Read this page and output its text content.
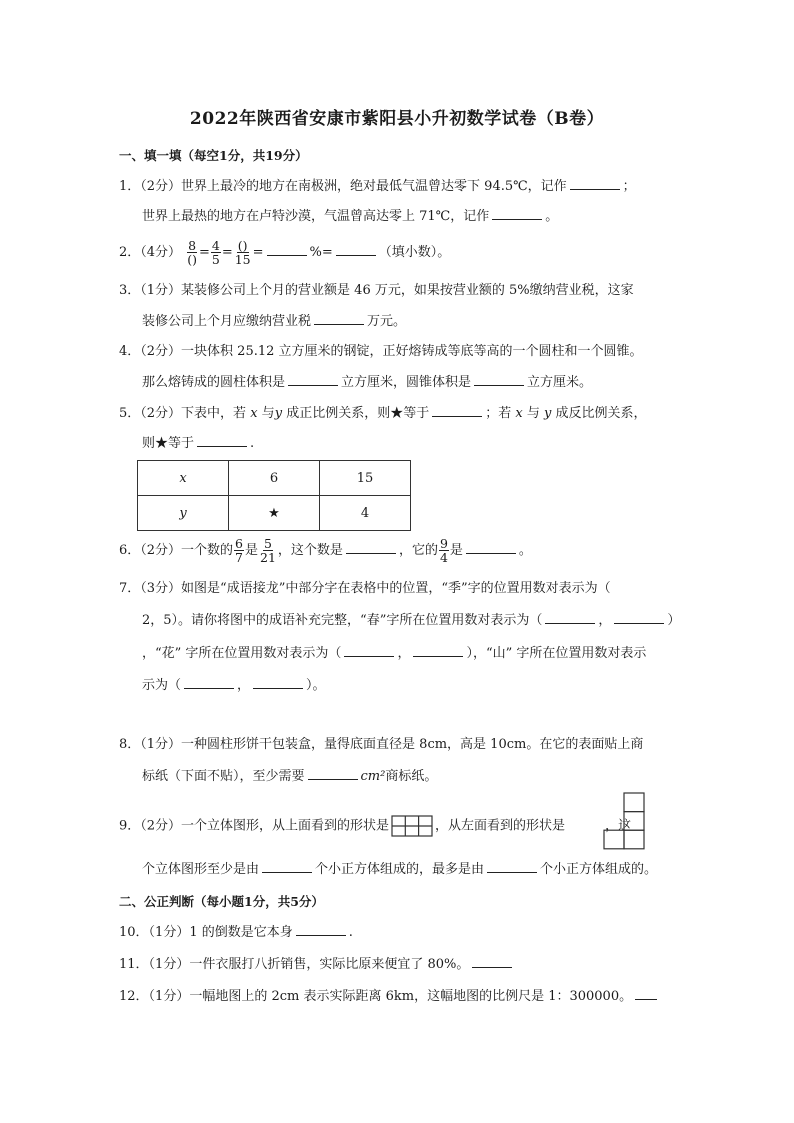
2022年陕西省安康市紫阳县小升初数学试卷（B卷）
一、填一填（每空1分，共19分）
1．（2分）世界上最冷的地方在南极洲，绝对最低气温曾达零下 94.5℃，记作	；
世界上最热的地方在卢特沙漠，气温曾高达零上 71℃，记作	。
2．（4分） $\frac{8}{()} = \frac{4}{5} = \frac{()}{15}$ =	%=	（填小数）。
3．（1分）某装修公司上个月的营业额是 46 万元，如果按营业额的 5%缴纳营业税，这家
装修公司上个月应缴纳营业税	万元。
4．（2分）一块体积 25.12 立方厘米的钢锭，正好熔铸成等底等高的一个圆柱和一个圆锥。
那么熔铸成的圆柱体积是	立方厘米，圆锥体积是	立方厘米。
5．（2分）下表中，若 x 与y 成正比例关系，则★等于	；若 x 与 y 成反比例关系，
则★等于	.
x	6	15
y	★	4
6．（2分）一个数的 $\frac{6}{7}$ 是 $\frac{5}{21}$ ，这个数是	，它的 $\frac{9}{4}$ 是	。
7．（3分）如图是“成语接龙”中部分字在表格中的位置，“季”字的位置用数对表示为（
2，5）。请你将图中的成语补充完整，“春”字所在位置用数对表示为（	，	）
，“花” 字所在位置用数对表示为（	，	），“山” 字所在位置用数对表示
示为（	，	）。
8．（1分）一种圆柱形饼干包装盒，量得底面直径是 8cm，高是 10cm。在它的表面贴上商
标纸（下面不贴），至少需要	cm²商标纸。
9．（2分）一个立体图形，从上面看到的形状是	，从左面看到的形状是	，这
个立体图形至少是由	个小正方体组成的，最多是由	个小正方体组成的。
二、公正判断（每小题1分，共5分）
10．（1分）1 的倒数是它本身	.
11．（1分）一件衣服打八折销售，实际比原来便宜了 80%。
12．（1分）一幅地图上的 2cm 表示实际距离 6km，这幅地图的比例尺是 1：300000。
